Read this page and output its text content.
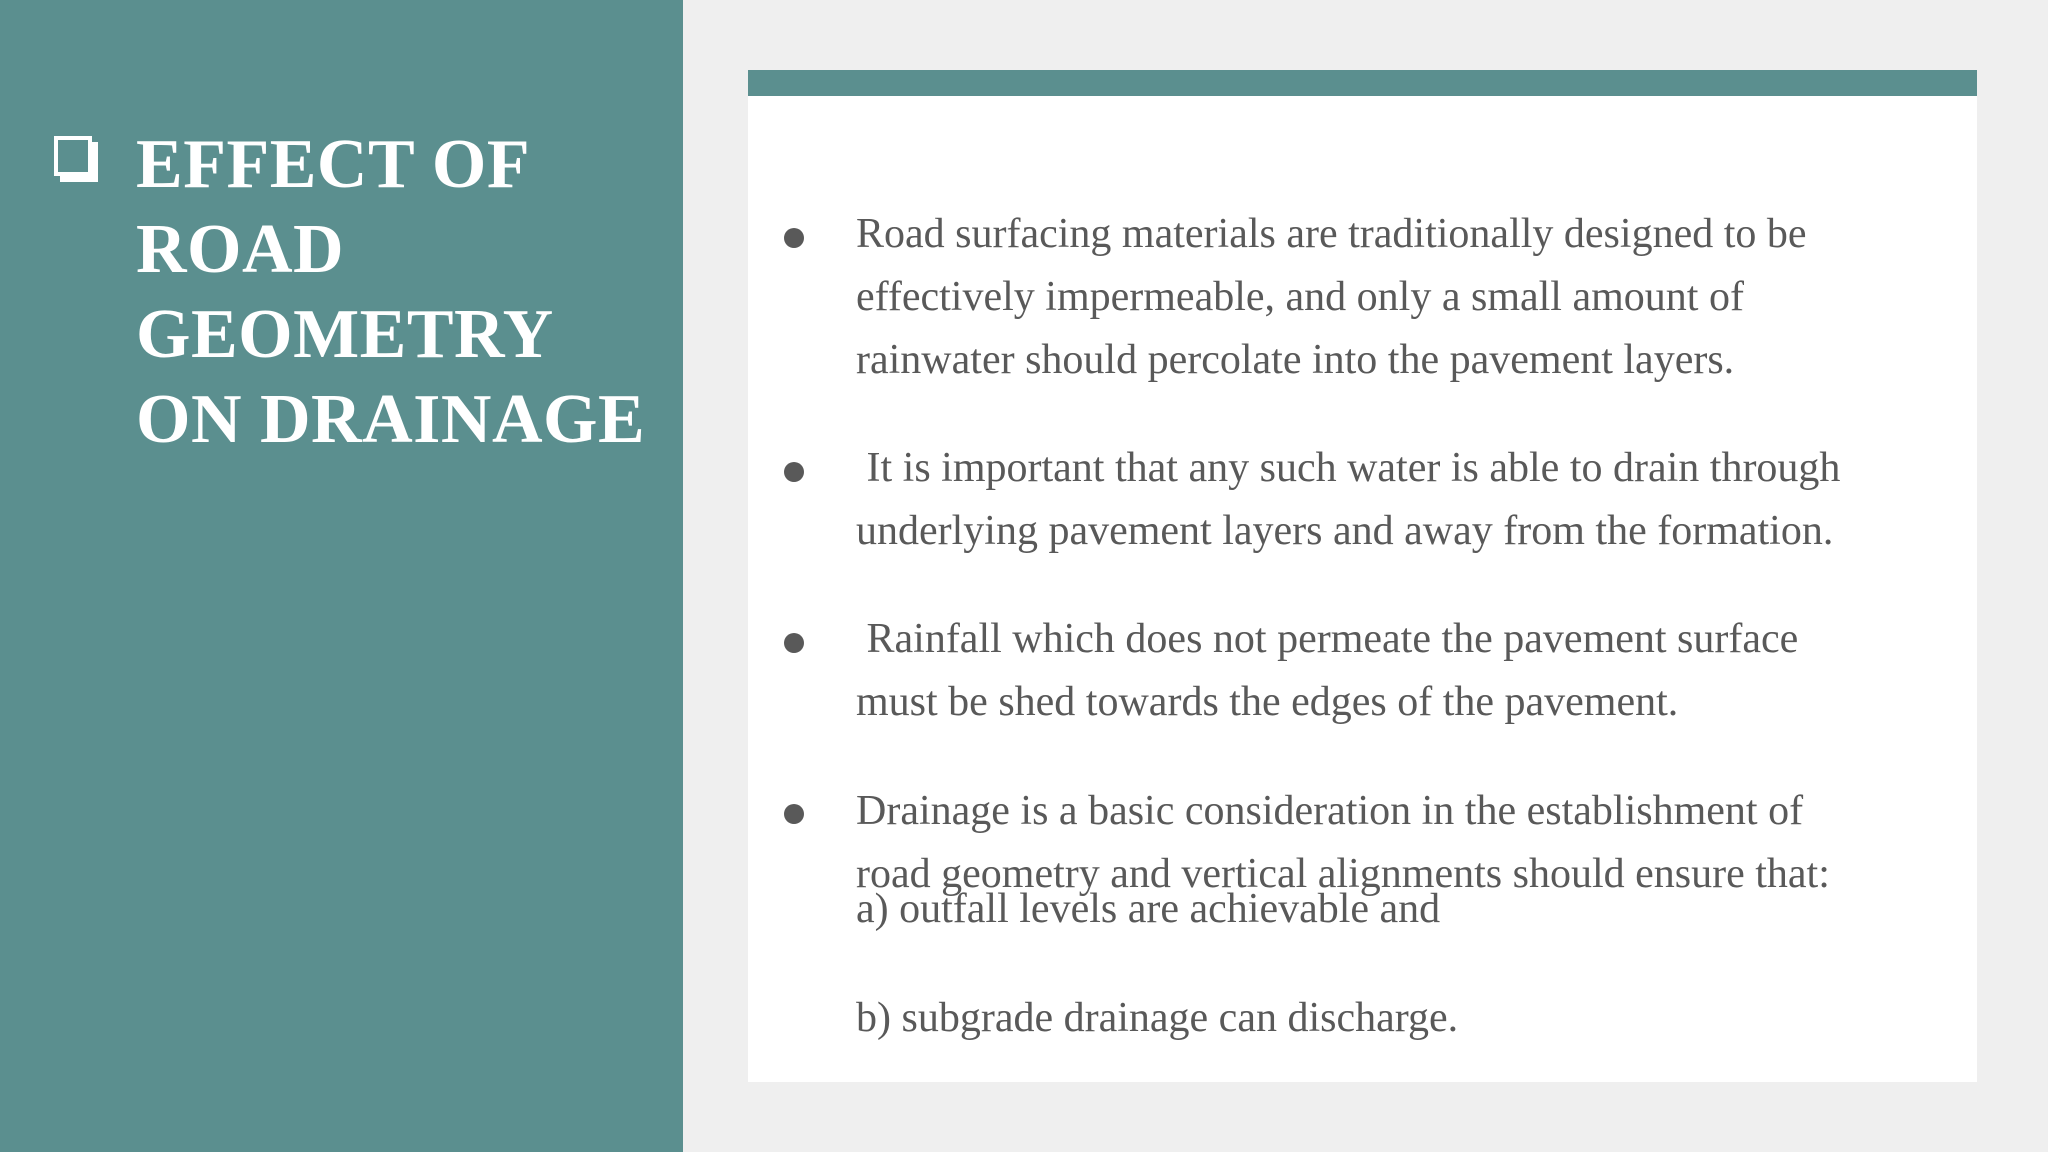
EFFECT OF
ROAD
GEOMETRY
ON DRAINAGE
Road surfacing materials are traditionally designed to be
effectively impermeable, and only a small amount of
rainwater should percolate into the pavement layers.
It is important that any such water is able to drain through
underlying pavement layers and away from the formation.
Rainfall which does not permeate the pavement surface
must be shed towards the edges of the pavement.
Drainage is a basic consideration in the establishment of
road geometry and vertical alignments should ensure that:
a) outfall levels are achievable and
b) subgrade drainage can discharge.
